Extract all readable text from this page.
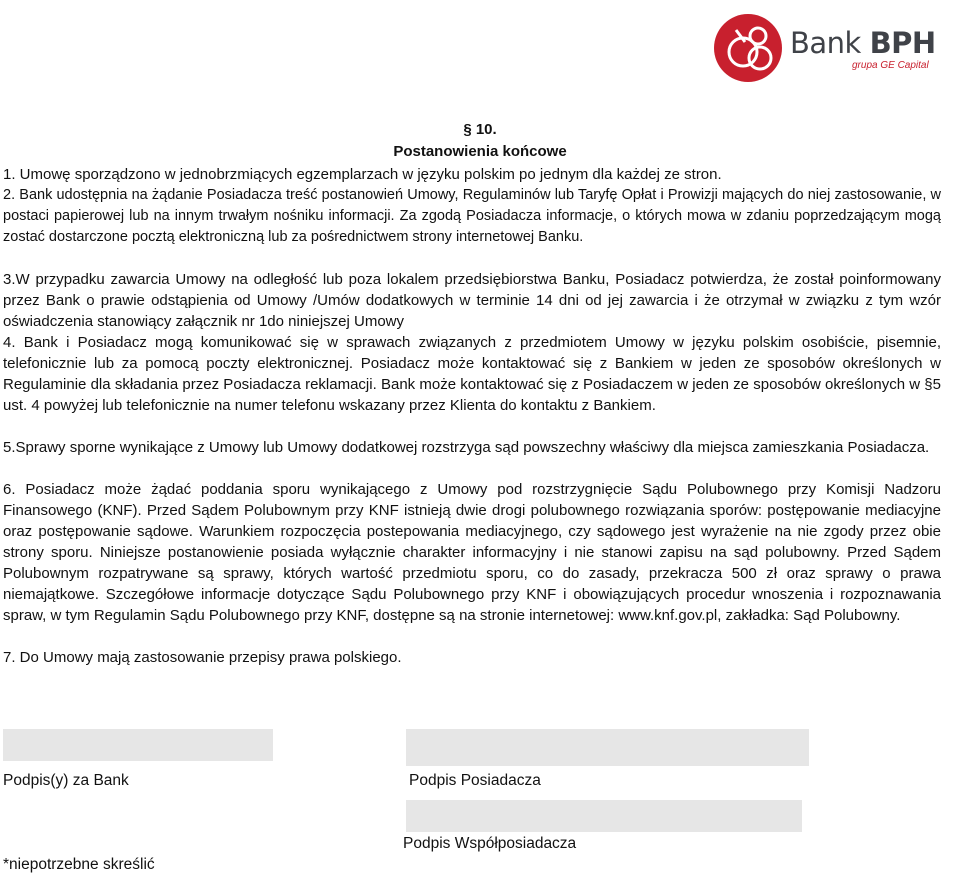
Bank BPH
grupa GE Capital
§ 10.
Postanowienia końcowe

1. Umowę sporządzono w jednobrzmiących egzemplarzach w języku polskim po jednym dla każdej ze stron.

2. Bank udostępnia na żądanie Posiadacza treść postanowień Umowy, Regulaminów lub Taryfę Opłat i Prowizji mających do niej zastosowanie, w postaci papierowej lub na innym trwałym nośniku informacji. Za zgodą Posiadacza informacje, o których mowa w zdaniu poprzedzającym mogą zostać dostarczone pocztą elektroniczną lub za pośrednictwem strony internetowej Banku.

3.W przypadku zawarcia Umowy na odległość lub poza lokalem przedsiębiorstwa Banku, Posiadacz potwierdza, że został poinformowany przez Bank o prawie odstąpienia od Umowy /Umów dodatkowych w terminie 14 dni od jej zawarcia i że otrzymał w związku z tym wzór oświadczenia stanowiący załącznik nr 1do niniejszej Umowy

4. Bank i Posiadacz mogą komunikować się w sprawach związanych z przedmiotem Umowy w języku polskim osobiście, pisemnie, telefonicznie lub za pomocą poczty elektronicznej. Posiadacz może kontaktować się z Bankiem w jeden ze sposobów określonych w Regulaminie dla składania przez Posiadacza reklamacji. Bank może kontaktować się z Posiadaczem w jeden ze sposobów określonych w §5 ust. 4 powyżej lub telefonicznie na numer telefonu wskazany przez Klienta do kontaktu z Bankiem.

5.Sprawy sporne wynikające z Umowy lub Umowy dodatkowej rozstrzyga sąd powszechny właściwy dla miejsca zamieszkania Posiadacza.

6. Posiadacz może żądać poddania sporu wynikającego z Umowy pod rozstrzygnięcie Sądu Polubownego przy Komisji Nadzoru Finansowego (KNF). Przed Sądem Polubownym przy KNF istnieją dwie drogi polubownego rozwiązania sporów: postępowanie mediacyjne oraz postępowanie sądowe. Warunkiem rozpoczęcia postepowania mediacyjnego, czy sądowego jest wyrażenie na nie zgody przez obie strony sporu. Niniejsze postanowienie posiada wyłącznie charakter informacyjny i nie stanowi zapisu na sąd polubowny. Przed Sądem Polubownym rozpatrywane są sprawy, których wartość przedmiotu sporu, co do zasady, przekracza 500 zł oraz sprawy o prawa niemajątkowe. Szczegółowe informacje dotyczące Sądu Polubownego przy KNF i obowiązujących procedur wnoszenia i rozpoznawania spraw, w tym Regulamin Sądu Polubownego przy KNF, dostępne są na stronie internetowej: www.knf.gov.pl, zakładka: Sąd Polubowny.

7. Do Umowy mają zastosowanie przepisy prawa polskiego.

Podpis(y) za Bank	Podpis Posiadacza
Podpis Współposiadacza
*niepotrzebne skreślić
